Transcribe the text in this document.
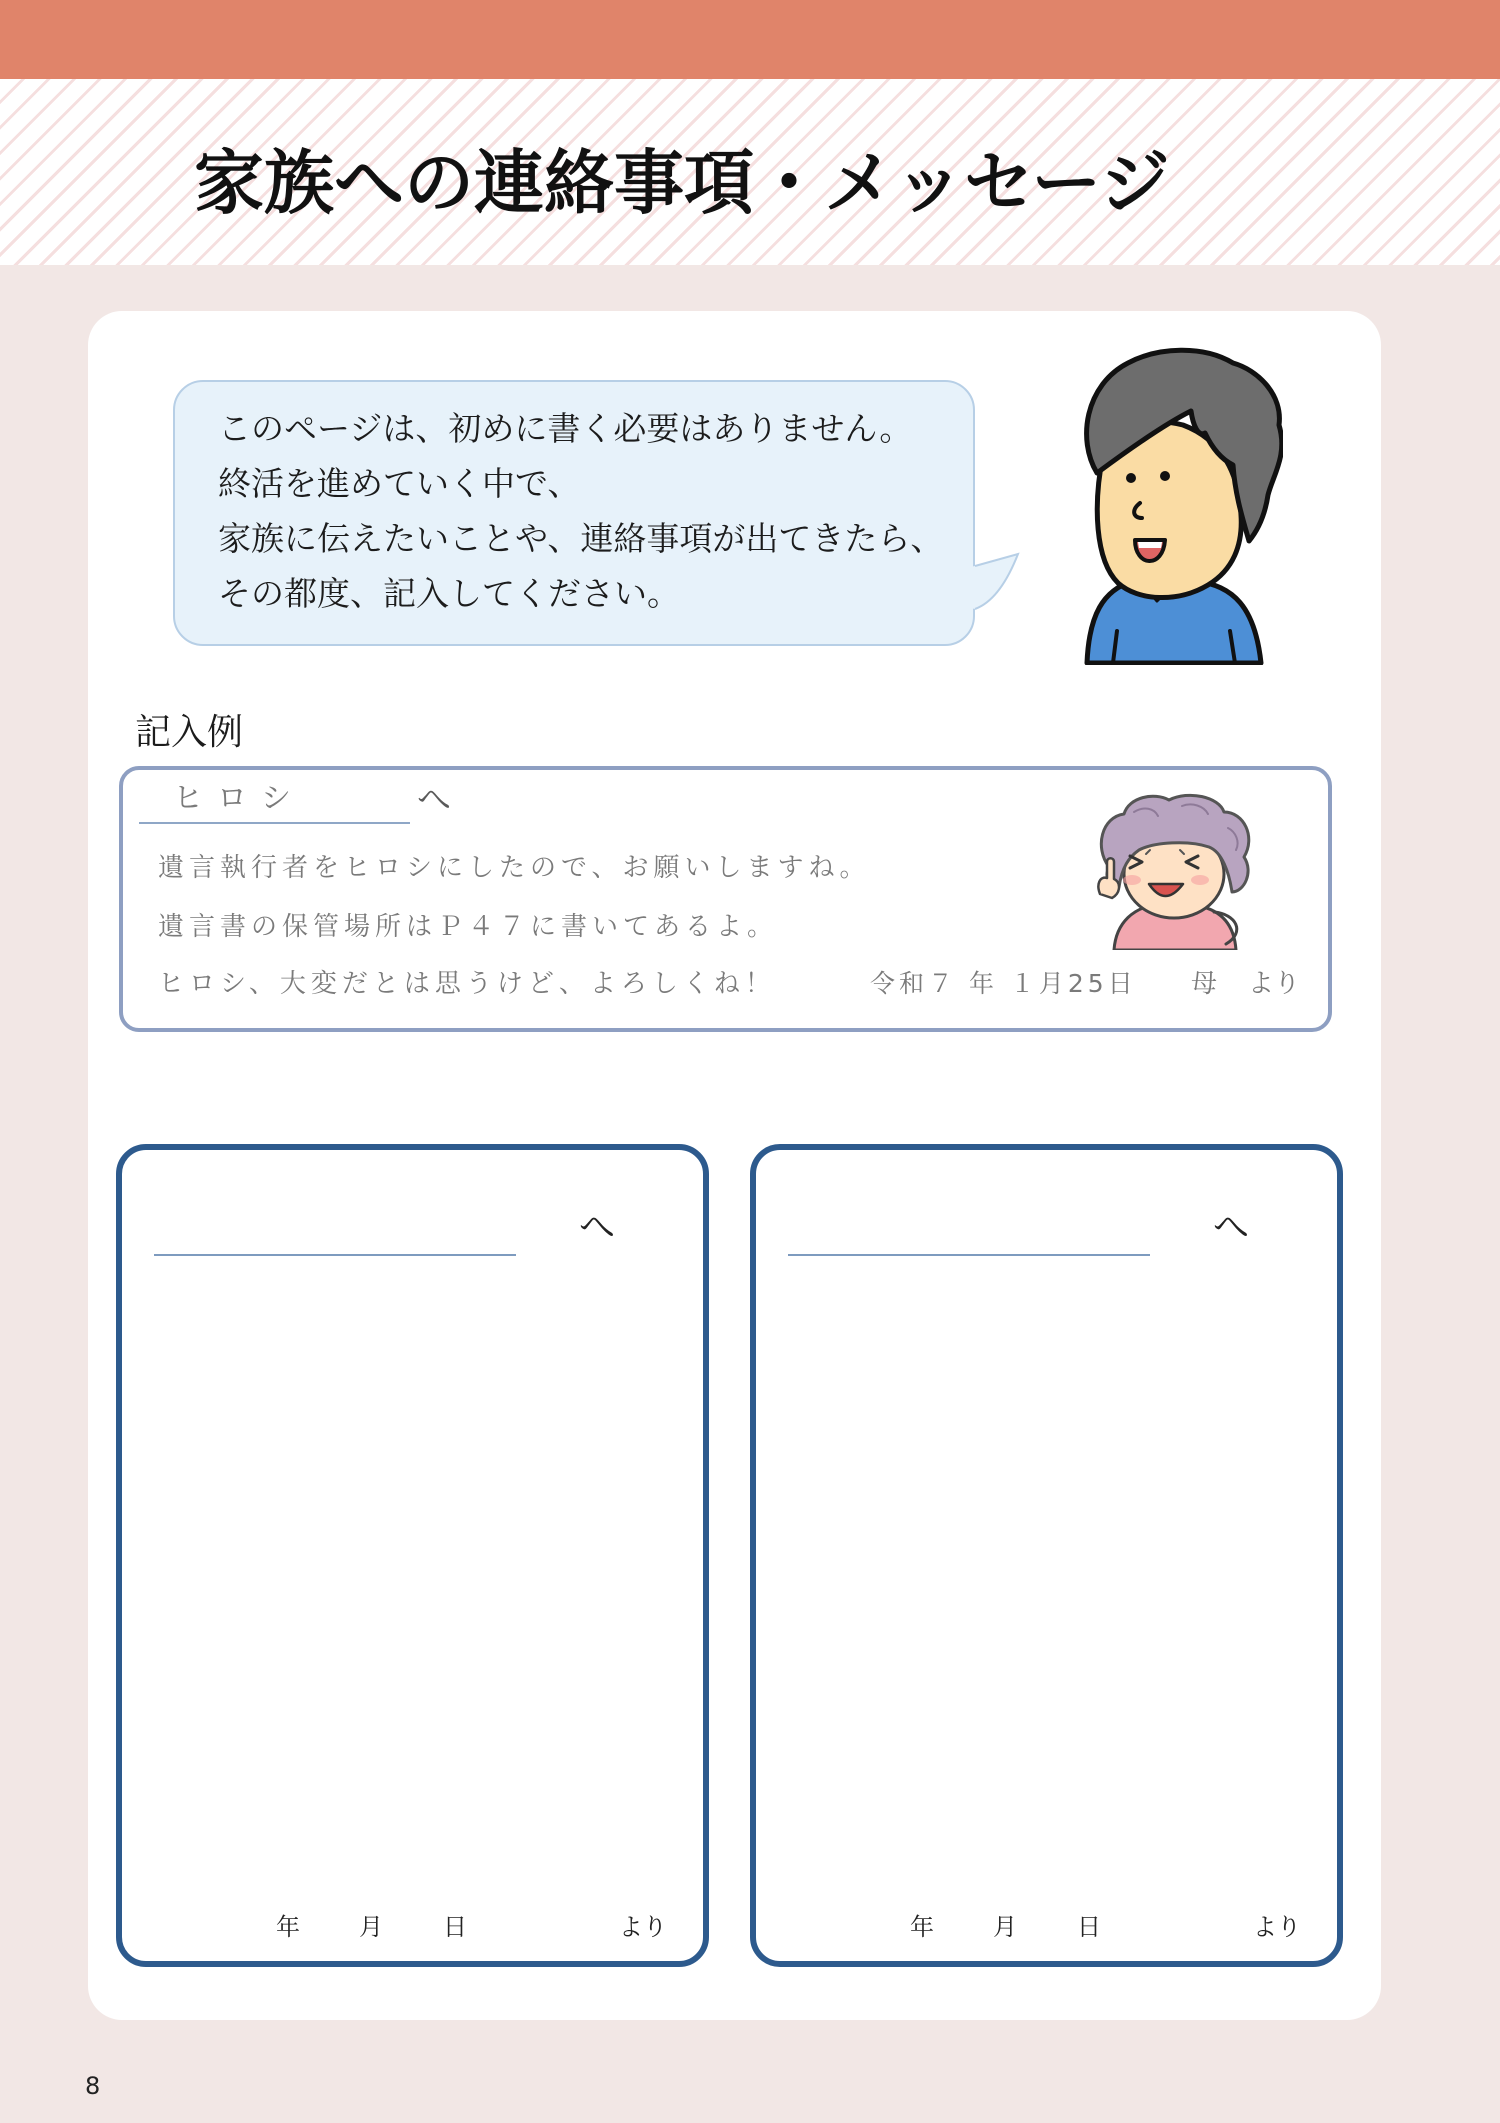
家族への連絡事項・メッセージ
このページは、初めに書く必要はありません。
終活を進めていく中で、
家族に伝えたいことや、連絡事項が出てきたら、
その都度、記入してください。
記入例
ヒロシ	へ
遺言執行者をヒロシにしたので、お願いしますね。
遺言書の保管場所はＰ４７に書いてあるよ。
ヒロシ、大変だとは思うけど、よろしくね！	令和７ 年 １月25日 母 より
へ
年 月	日	より
へ
年 月	日	より
8
